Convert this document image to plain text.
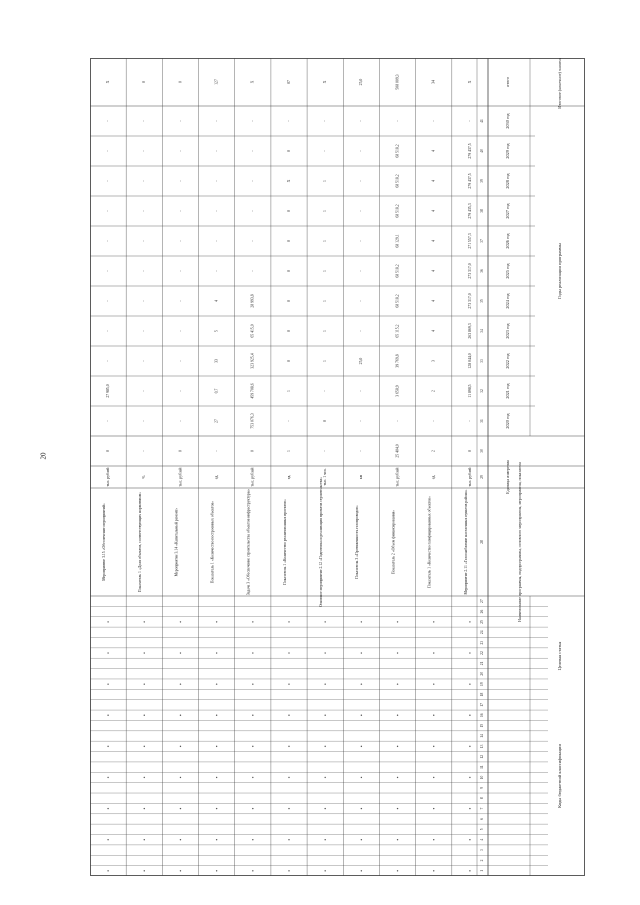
20
Коды бюджетной классификации
Целевая статья
Годы реализации программы
Итоговое (конечное) значение
итого
Наименование программы, подпрограммы, основного мероприятия, мероприятия, показателя
Единица измерения
2020 год
2021 год
2022 год
2023 год
2024 год
2025 год
2026 год
2027 год
2028 год
2029 год
2030 год
1
2
3
4
5
6
7
8
9
10
11
12
13
14
15
16
17
18
19
20
21
22
23
24
25
26
27
28
29
30
31
32
33
34
35
36
37
38
39
40
41
Мероприятие 2.11 «Газоснабжение населенных пунктов района»
тыс. рублей
0
-
11 898,5
128 044,0
263 869,3
273 317,0
273 317,0
271 557,3
279 435,3
279 437,5
279 437,5
-
X
Показатель 1 «Количество газифицированных объектов»
ед.
2
-
2
3
4
4
4
4
4
4
4
-
34
Показатель 2 «Объем финансирования»
тыс. рублей
25 404,0
-
3 658,9
39 769,8
65 115,2
68 518,2
68 518,2
68 129,1
68 518,2
68 518,2
68 518,2
-
508 009,3
Показатель 3 «Протяженность газопроводов»
км
-
-
-
25,0
-
-
-
-
-
-
-
-
25,0
Основное мероприятие 2.12 «Подготовка и реализация проектов строительства» тыс. 1 чел.
-
0
-
1
1
1
1
1
1
1
-
-
X
Показатель 1 «Количество реализованных проектов»
ед.
1
-
1
0
0
0
0
0
0
X
0
-
07
Задача 3 «Обеспечение строительства объектов инфраструктуры»
тыс. рублей
0
753 076,3
459 708,6
323 925,4
65 415,0
28 993,8
-
-
-
-
-
-
X
Показатель 1 «Количество построенных объектов»
ед.
-
27
0,7
33
5
4
-
-
-
-
-
-
127
Мероприятие 3.14 «Капитальный ремонт»
тыс. рублей
0
-
-
-
-
-
-
-
-
-
-
-
0
Показатель 1 «Доля объектов, соответствующих нормативам»
%
-
-
-
-
-
-
-
-
-
-
-
-
0
Мероприятие 3.15 «Обеспечение мероприятий»
тыс. рублей
0
-
27 985,0
-
-
-
-
-
-
-
-
-
X
